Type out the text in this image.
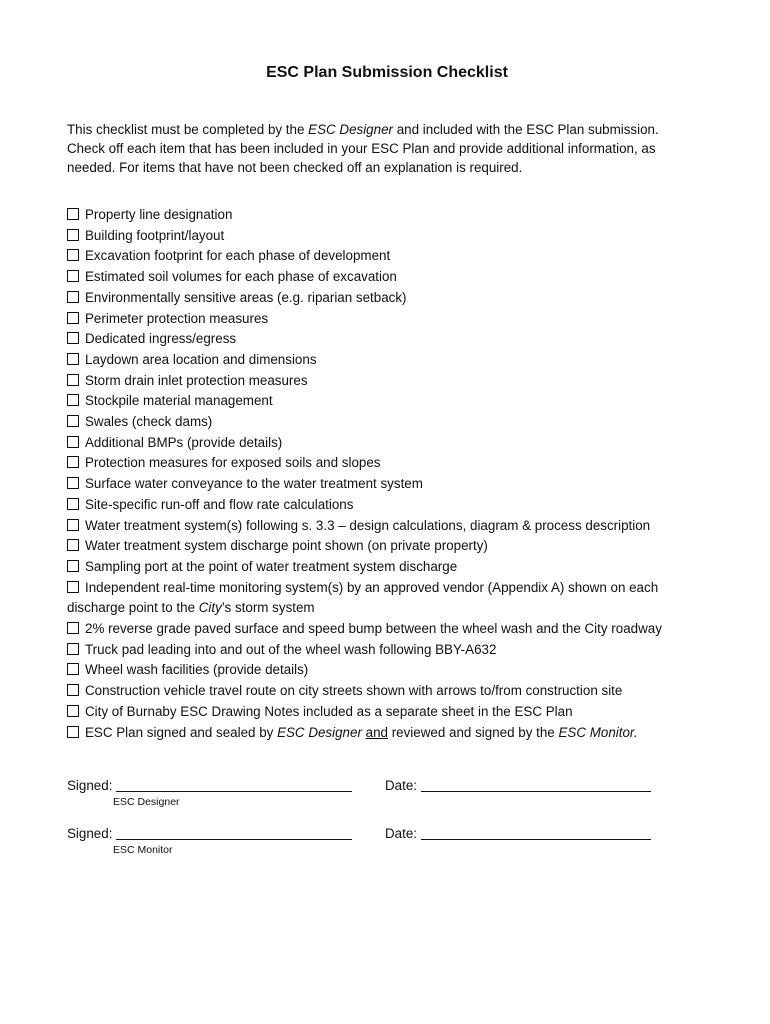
ESC Plan Submission Checklist

This checklist must be completed by the ESC Designer and included with the ESC Plan submission. Check off each item that has been included in your ESC Plan and provide additional information, as needed. For items that have not been checked off an explanation is required.

Property line designation
Building footprint/layout
Excavation footprint for each phase of development
Estimated soil volumes for each phase of excavation
Environmentally sensitive areas (e.g. riparian setback)
Perimeter protection measures
Dedicated ingress/egress
Laydown area location and dimensions
Storm drain inlet protection measures
Stockpile material management
Swales (check dams)
Additional BMPs (provide details)
Protection measures for exposed soils and slopes
Surface water conveyance to the water treatment system
Site-specific run-off and flow rate calculations
Water treatment system(s) following s. 3.3 – design calculations, diagram & process description
Water treatment system discharge point shown (on private property)
Sampling port at the point of water treatment system discharge
Independent real-time monitoring system(s) by an approved vendor (Appendix A) shown on each discharge point to the City’s storm system
2% reverse grade paved surface and speed bump between the wheel wash and the City roadway
Truck pad leading into and out of the wheel wash following BBY-A632
Wheel wash facilities (provide details)
Construction vehicle travel route on city streets shown with arrows to/from construction site
City of Burnaby ESC Drawing Notes included as a separate sheet in the ESC Plan
ESC Plan signed and sealed by ESC Designer and reviewed and signed by the ESC Monitor.
Signed:
ESC Designer
Date:
Signed:
ESC Monitor
Date:
